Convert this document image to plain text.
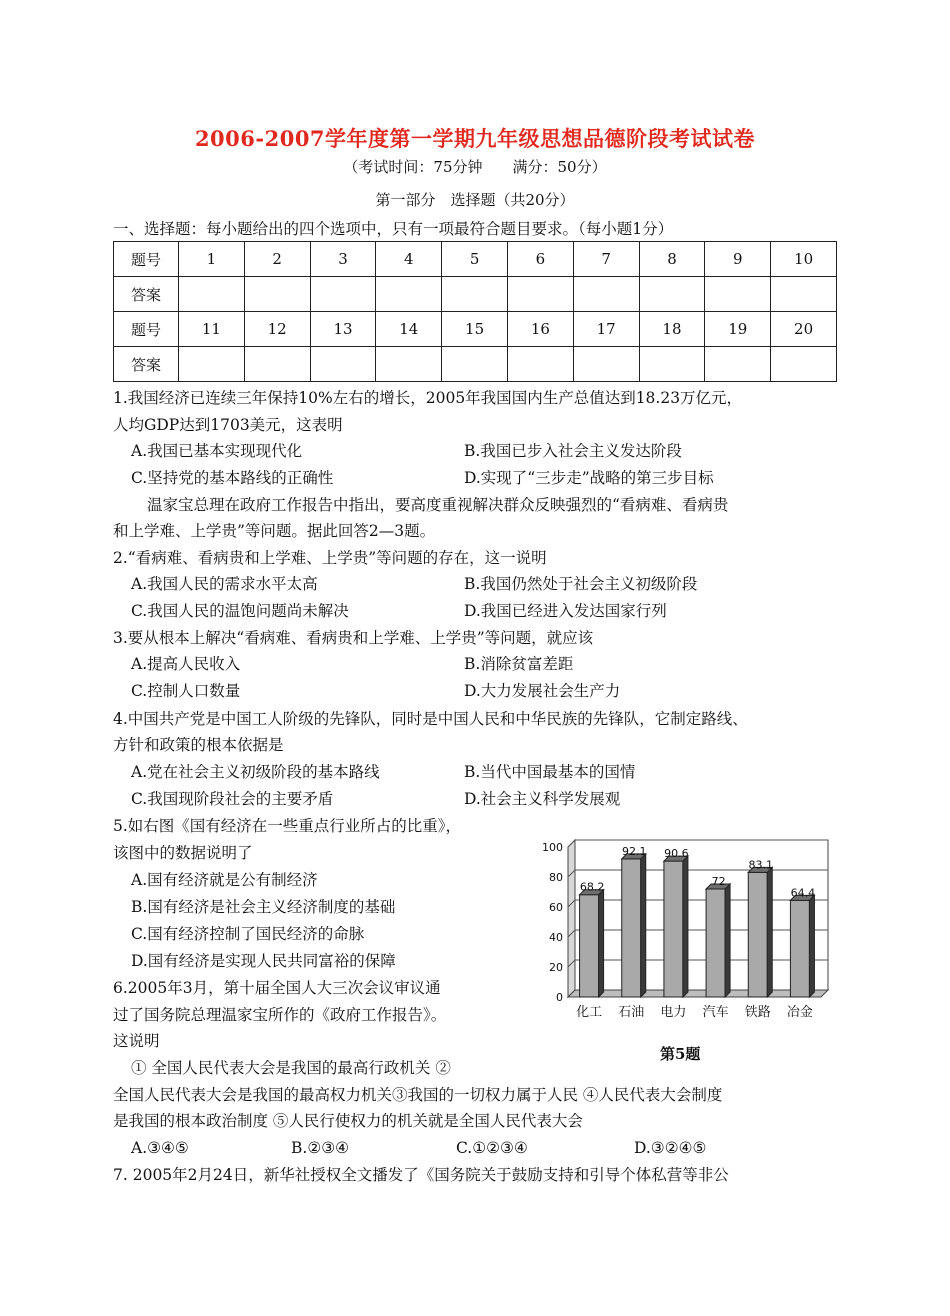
2006-2007学年度第一学期九年级思想品德阶段考试试卷
（考试时间：75分钟　　满分：50分）
第一部分　选择题（共20分）
一、选择题：每小题给出的四个选项中，只有一项最符合题目要求。（每小题1分）
题号	1	2	3	4	5	6	7	8	9	10
答案										
题号	11	12	13	14	15	16	17	18	19	20
答案										
1.我国经济已连续三年保持10%左右的增长，2005年我国国内生产总值达到18.23万亿元，
人均GDP达到1703美元，这表明
A.我国已基本实现现代化	B.我国已步入社会主义发达阶段
C.坚持党的基本路线的正确性	D.实现了“三步走”战略的第三步目标
温家宝总理在政府工作报告中指出，要高度重视解决群众反映强烈的“看病难、看病贵
和上学难、上学贵”等问题。据此回答2—3题。
2.“看病难、看病贵和上学难、上学贵”等问题的存在，这一说明
A.我国人民的需求水平太高	B.我国仍然处于社会主义初级阶段
C.我国人民的温饱问题尚未解决	D.我国已经进入发达国家行列
3.要从根本上解决“看病难、看病贵和上学难、上学贵”等问题，就应该
A.提高人民收入	B.消除贫富差距
C.控制人口数量	D.大力发展社会生产力
4.中国共产党是中国工人阶级的先锋队，同时是中国人民和中华民族的先锋队，它制定路线、
方针和政策的根本依据是
A.党在社会主义初级阶段的基本路线	B.当代中国最基本的国情
C.我国现阶段社会的主要矛盾	D.社会主义科学发展观
5.如右图《国有经济在一些重点行业所占的比重》，
该图中的数据说明了
A.国有经济就是公有制经济
B.国有经济是社会主义经济制度的基础
C.国有经济控制了国民经济的命脉
D.国有经济是实现人民共同富裕的保障
6.2005年3月，第十届全国人大三次会议审议通
过了国务院总理温家宝所作的《政府工作报告》。
这说明
① 全国人民代表大会是我国的最高行政机关 ②
全国人民代表大会是我国的最高权力机关③我国的一切权力属于人民 ④人民代表大会制度
是我国的根本政治制度 ⑤人民行使权力的机关就是全国人民代表大会
A.③④⑤	B.②③④	C.①②③④	D.③②④⑤
7. 2005年2月24日，新华社授权全文播发了《国务院关于鼓励支持和引导个体私营等非公
0
20
40
60
80
100
68.2
化工
92.1
石油
90.6
电力
72
汽车
83.1
铁路
64.4
冶金
第5题
